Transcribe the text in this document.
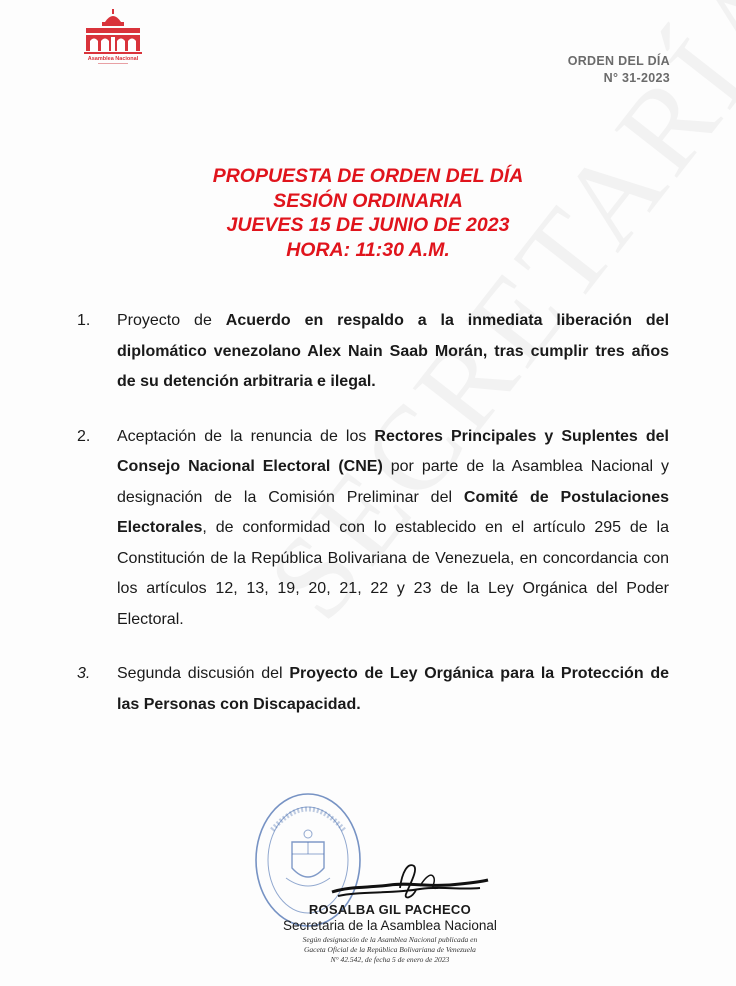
Asamblea Nacional	ORDEN DEL DÍA
N° 31-2023
PROPUESTA DE ORDEN DEL DÍA
SESIÓN ORDINARIA
JUEVES 15 DE JUNIO DE 2023
HORA: 11:30 A.M.
1.	Proyecto de Acuerdo en respaldo a la inmediata liberación del diplomático venezolano Alex Nain Saab Morán, tras cumplir tres años de su detención arbitraria e ilegal.
2.	Aceptación de la renuncia de los Rectores Principales y Suplentes del Consejo Nacional Electoral (CNE) por parte de la Asamblea Nacional y designación de la Comisión Preliminar del Comité de Postulaciones Electorales, de conformidad con lo establecido en el artículo 295 de la Constitución de la República Bolivariana de Venezuela, en concordancia con los artículos 12, 13, 19, 20, 21, 22 y 23 de la Ley Orgánica del Poder Electoral.
3.	Segunda discusión del Proyecto de Ley Orgánica para la Protección de las Personas con Discapacidad.
ROSALBA GIL PACHECO
Secretaria de la Asamblea Nacional
Según designación de la Asamblea Nacional publicada en
Gaceta Oficial de la República Bolivariana de Venezuela
N° 42.542, de fecha 5 de enero de 2023
